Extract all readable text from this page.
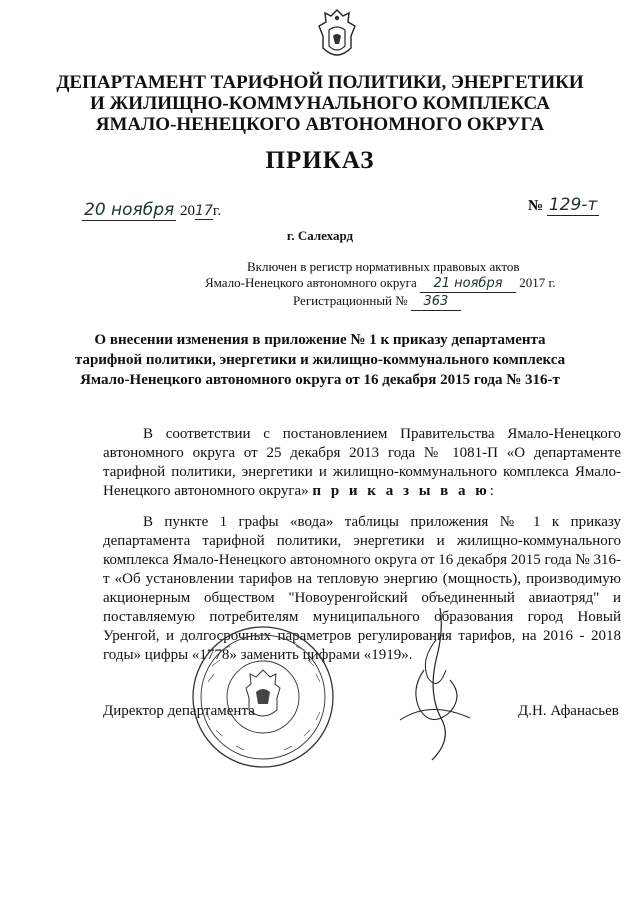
ДЕПАРТАМЕНТ ТАРИФНОЙ ПОЛИТИКИ, ЭНЕРГЕТИКИ
И ЖИЛИЩНО-КОММУНАЛЬНОГО КОМПЛЕКСА
ЯМАЛО-НЕНЕЦКОГО АВТОНОМНОГО ОКРУГА
ПРИКАЗ
20 ноября 2017г.	№ 129-т
г. Салехард
Включен в регистр нормативных правовых актов
Ямало-Ненецкого автономного округа 21 ноября 2017 г.
Регистрационный № 363
О внесении изменения в приложение № 1 к приказу департамента
тарифной политики, энергетики и жилищно-коммунального комплекса
Ямало-Ненецкого автономного округа от 16 декабря 2015 года № 316-т

В соответствии с постановлением Правительства Ямало-Ненецкого автономного округа от 25 декабря 2013 года № 1081-П «О департаменте тарифной политики, энергетики и жилищно-коммунального комплекса Ямало-Ненецкого автономного округа» п р и к а з ы в а ю:

В пункте 1 графы «вода» таблицы приложения № 1 к приказу департамента тарифной политики, энергетики и жилищно-коммунального комплекса Ямало-Ненецкого автономного округа от 16 декабря 2015 года № 316-т «Об установлении тарифов на тепловую энергию (мощность), производимую акционерным обществом "Новоуренгойский объединенный авиаотряд" и поставляемую потребителям муниципального образования город Новый Уренгой, и долгосрочных параметров регулирования тарифов, на 2016 - 2018 годы» цифры «1778» заменить цифрами «1919».

Директор департамента	Д.Н. Афанасьев
